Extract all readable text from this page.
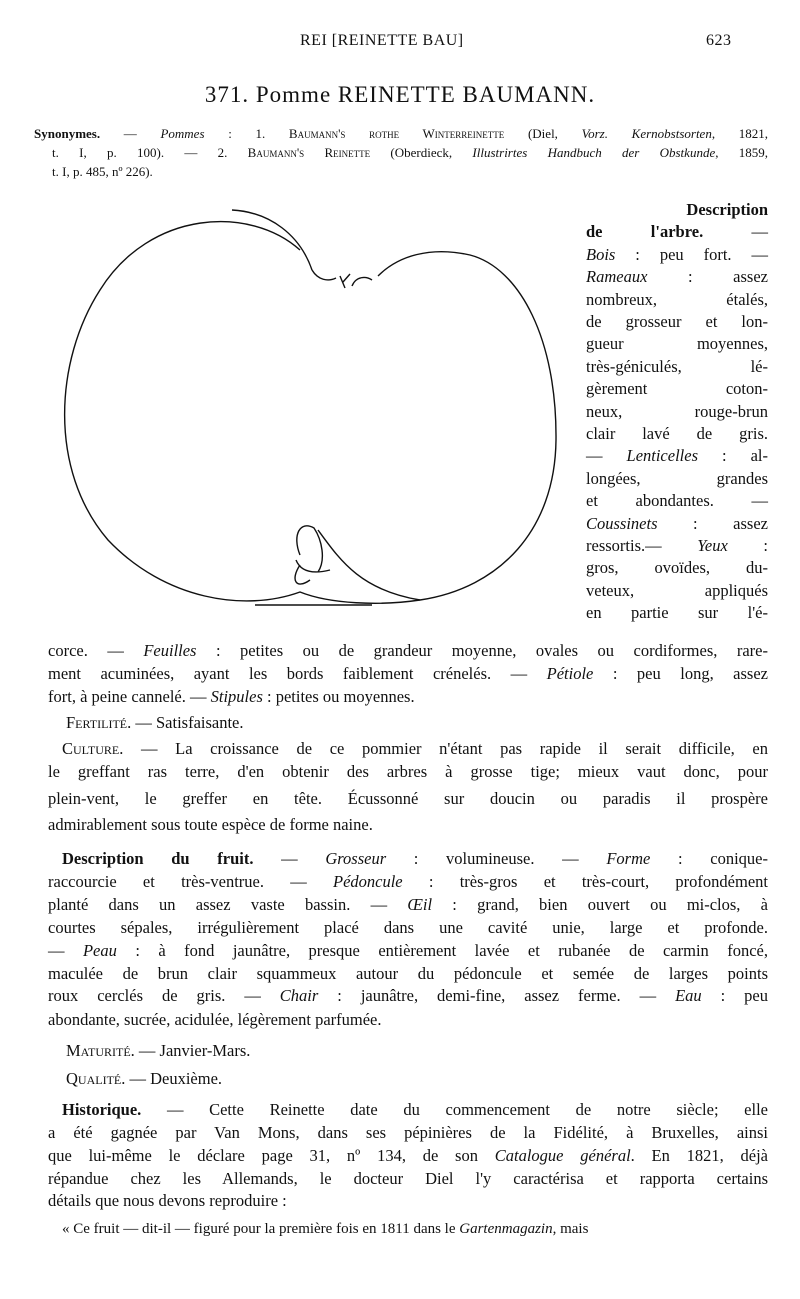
REI [REINETTE BAU]	623
371. Pomme REINETTE BAUMANN.
Synonymes. — Pommes : 1. Baumann's rothe Winterreinette (Diel, Vorz. Kernobstsorten, 1821,
t. I, p. 100). — 2. Baumann's Reinette (Oberdieck, Illustrirtes Handbuch der Obstkunde, 1859,
t. I, p. 485, nº 226).
Description
de l'arbre. —
Bois : peu fort. —
Rameaux : assez
nombreux, étalés,
de grosseur et lon-
gueur moyennes,
très-géniculés, lé-
gèrement coton-
neux, rouge-brun
clair lavé de gris.
— Lenticelles : al-
longées, grandes
et abondantes. —
Coussinets : assez
ressortis.— Yeux :
gros, ovoïdes, du-
veteux, appliqués
en partie sur l'é-
corce. — Feuilles : petites ou de grandeur moyenne, ovales ou cordiformes, rare-
ment acuminées, ayant les bords faiblement crénelés. — Pétiole : peu long, assez
fort, à peine cannelé. — Stipules : petites ou moyennes.
Fertilité. — Satisfaisante.
Culture. — La croissance de ce pommier n'étant pas rapide il serait difficile, en
le greffant ras terre, d'en obtenir des arbres à grosse tige; mieux vaut donc, pour
plein-vent, le greffer en tête. Écussonné sur doucin ou paradis il prospère
admirablement sous toute espèce de forme naine.
Description du fruit. — Grosseur : volumineuse. — Forme : conique-
raccourcie et très-ventrue. — Pédoncule : très-gros et très-court, profondément
planté dans un assez vaste bassin. — Œil : grand, bien ouvert ou mi-clos, à
courtes sépales, irrégulièrement placé dans une cavité unie, large et profonde.
— Peau : à fond jaunâtre, presque entièrement lavée et rubanée de carmin foncé,
maculée de brun clair squammeux autour du pédoncule et semée de larges points
roux cerclés de gris. — Chair : jaunâtre, demi-fine, assez ferme. — Eau : peu
abondante, sucrée, acidulée, légèrement parfumée.
Maturité. — Janvier-Mars.
Qualité. — Deuxième.
Historique. — Cette Reinette date du commencement de notre siècle; elle
a été gagnée par Van Mons, dans ses pépinières de la Fidélité, à Bruxelles, ainsi
que lui-même le déclare page 31, nº 134, de son Catalogue général. En 1821, déjà
répandue chez les Allemands, le docteur Diel l'y caractérisa et rapporta certains
détails que nous devons reproduire :
« Ce fruit — dit-il — figuré pour la première fois en 1811 dans le Gartenmagazin, mais
